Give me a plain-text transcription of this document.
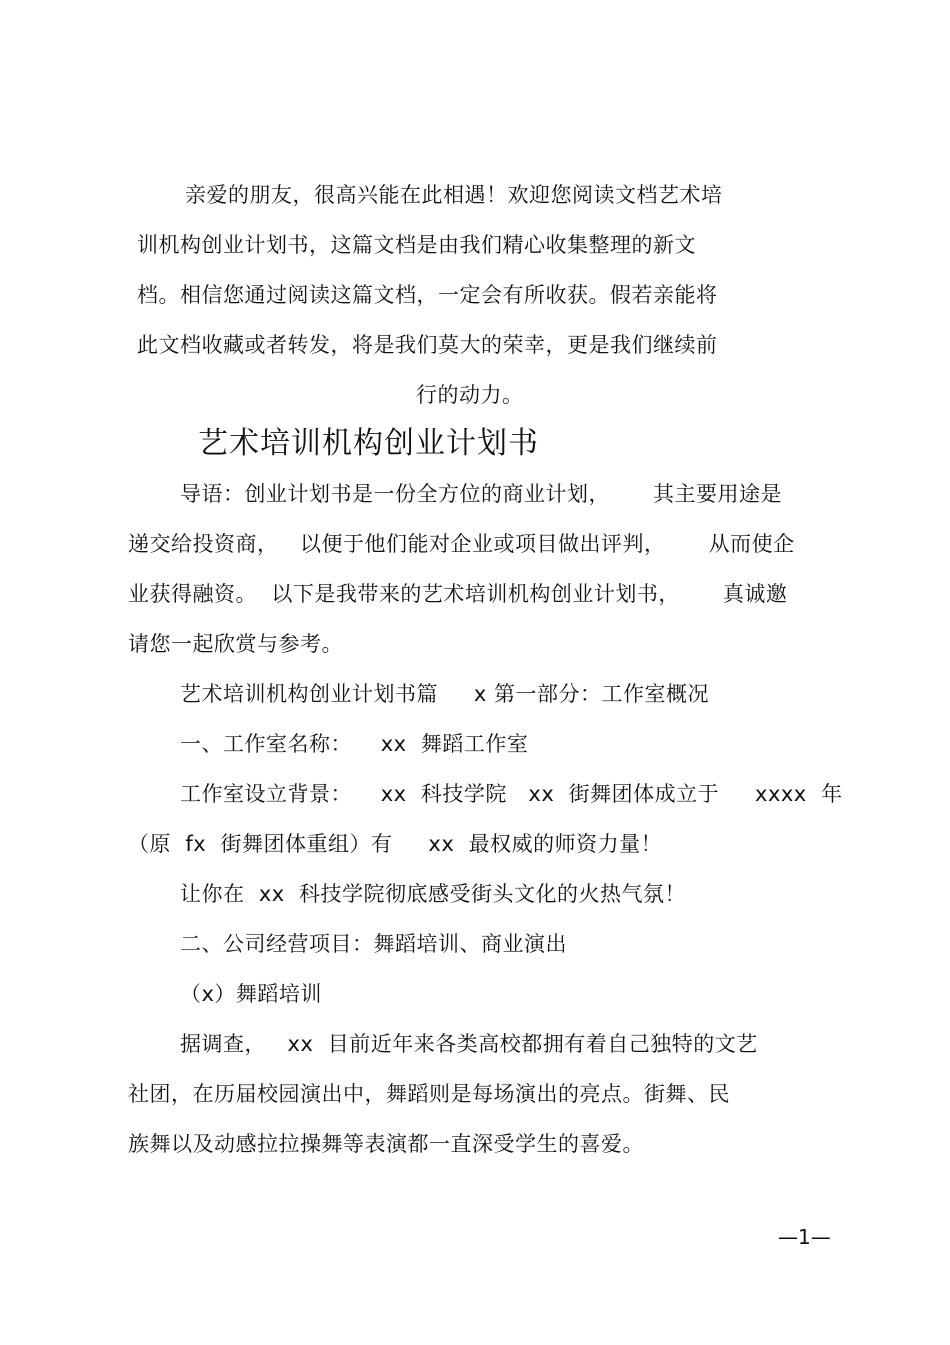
亲爱的朋友，很高兴能在此相遇！欢迎您阅读文档艺术培
训机构创业计划书，这篇文档是由我们精心收集整理的新文
档。相信您通过阅读这篇文档，一定会有所收获。假若亲能将
此文档收藏或者转发，将是我们莫大的荣幸，更是我们继续前
行的动力。
艺术培训机构创业计划书
导语：创业计划书是一份全方位的商业计划，      其主要用途是
递交给投资商，   以便于他们能对企业或项目做出评判，      从而使企
业获得融资。  以下是我带来的艺术培训机构创业计划书，      真诚邀
请您一起欣赏与参考。
艺术培训机构创业计划书篇     x 第一部分：工作室概况
一、工作室名称：    xx  舞蹈工作室
工作室设立背景：    xx  科技学院   xx  街舞团体成立于     xxxx  年
（原  fx  街舞团体重组）有     xx  最权威的师资力量！
让你在  xx  科技学院彻底感受街头文化的火热气氛！
二、公司经营项目：舞蹈培训、商业演出
（x）舞蹈培训
据调查，   xx  目前近年来各类高校都拥有着自己独特的文艺
社团，在历届校园演出中，舞蹈则是每场演出的亮点。街舞、民
族舞以及动感拉拉操舞等表演都一直深受学生的喜爱。
—1—
